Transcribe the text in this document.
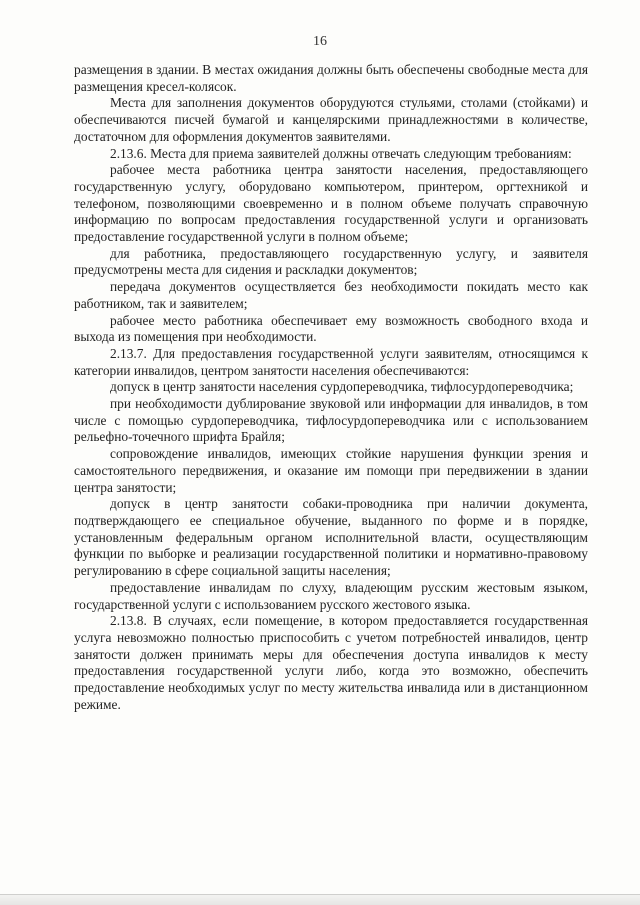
16

размещения в здании. В местах ожидания должны быть обеспечены свободные места для размещения кресел-колясок.

Места для заполнения документов оборудуются стульями, столами (стойками) и обеспечиваются писчей бумагой и канцелярскими принадлежностями в количестве, достаточном для оформления документов заявителями.

2.13.6. Места для приема заявителей должны отвечать следующим требованиям:

рабочее места работника центра занятости населения, предоставляющего государственную услугу, оборудовано компьютером, принтером, оргтехникой и телефоном, позволяющими своевременно и в полном объеме получать справочную информацию по вопросам предоставления государственной услуги и организовать предоставление государственной услуги в полном объеме;

для работника, предоставляющего государственную услугу, и заявителя предусмотрены места для сидения и раскладки документов;

передача документов осуществляется без необходимости покидать место как работником, так и заявителем;

рабочее место работника обеспечивает ему возможность свободного входа и выхода из помещения при необходимости.

2.13.7. Для предоставления государственной услуги заявителям, относящимся к категории инвалидов, центром занятости населения обеспечиваются:

допуск в центр занятости населения сурдопереводчика, тифлосурдопереводчика;

при необходимости дублирование звуковой или информации для инвалидов, в том числе с помощью сурдопереводчика, тифлосурдопереводчика или с использованием рельефно-точечного шрифта Брайля;

сопровождение инвалидов, имеющих стойкие нарушения функции зрения и самостоятельного передвижения, и оказание им помощи при передвижении в здании центра занятости;

допуск в центр занятости собаки-проводника при наличии документа, подтверждающего ее специальное обучение, выданного по форме и в порядке, установленным федеральным органом исполнительной власти, осуществляющим функции по выборке и реализации государственной политики и нормативно-правовому регулированию в сфере социальной защиты населения;

предоставление инвалидам по слуху, владеющим русским жестовым языком, государственной услуги с использованием русского жестового языка.

2.13.8. В случаях, если помещение, в котором предоставляется государственная услуга невозможно полностью приспособить с учетом потребностей инвалидов, центр занятости должен принимать меры для обеспечения доступа инвалидов к месту предоставления государственной услуги либо, когда это возможно, обеспечить предоставление необходимых услуг по месту жительства инвалида или в дистанционном режиме.
